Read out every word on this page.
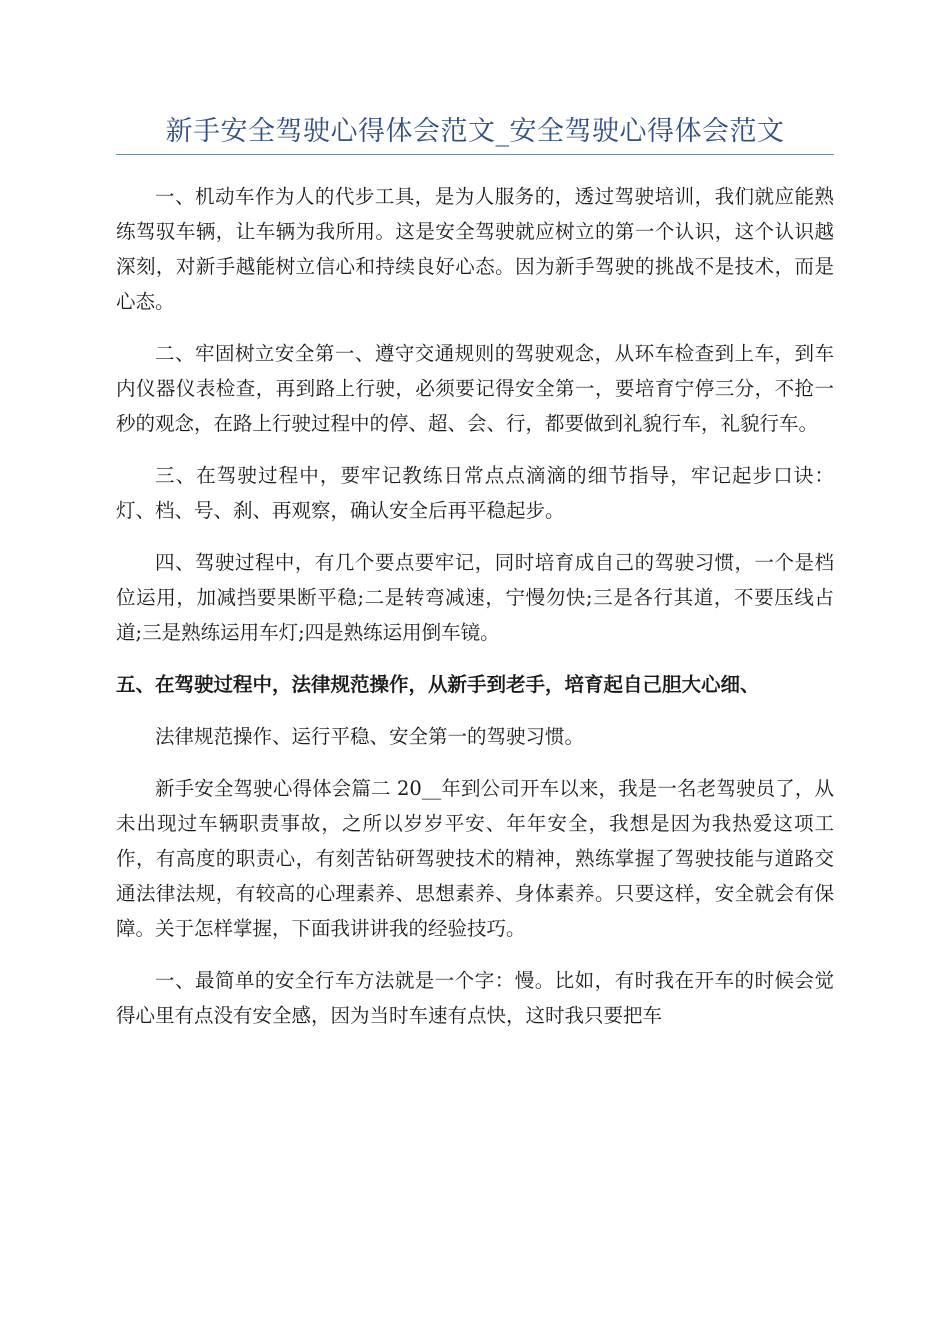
新手安全驾驶心得体会范文_安全驾驶心得体会范文

一、机动车作为人的代步工具，是为人服务的，透过驾驶培训，我们就应能熟练驾驭车辆，让车辆为我所用。这是安全驾驶就应树立的第一个认识，这个认识越深刻，对新手越能树立信心和持续良好心态。因为新手驾驶的挑战不是技术，而是心态。

二、牢固树立安全第一、遵守交通规则的驾驶观念，从环车检查到上车，到车内仪器仪表检查，再到路上行驶，必须要记得安全第一，要培育宁停三分，不抢一秒的观念，在路上行驶过程中的停、超、会、行，都要做到礼貌行车，礼貌行车。

三、在驾驶过程中，要牢记教练日常点点滴滴的细节指导，牢记起步口诀：灯、档、号、刹、再观察，确认安全后再平稳起步。

四、驾驶过程中，有几个要点要牢记，同时培育成自己的驾驶习惯，一个是档位运用，加减挡要果断平稳;二是转弯减速，宁慢勿快;三是各行其道，不要压线占道;三是熟练运用车灯;四是熟练运用倒车镜。

五、在驾驶过程中，法律规范操作，从新手到老手，培育起自己胆大心细、

法律规范操作、运行平稳、安全第一的驾驶习惯。

新手安全驾驶心得体会篇二 20__年到公司开车以来，我是一名老驾驶员了，从未出现过车辆职责事故，之所以岁岁平安、年年安全，我想是因为我热爱这项工作，有高度的职责心，有刻苦钻研驾驶技术的精神，熟练掌握了驾驶技能与道路交通法律法规，有较高的心理素养、思想素养、身体素养。只要这样，安全就会有保障。关于怎样掌握，下面我讲讲我的经验技巧。

一、最简单的安全行车方法就是一个字：慢。比如，有时我在开车的时候会觉得心里有点没有安全感，因为当时车速有点快，这时我只要把车
